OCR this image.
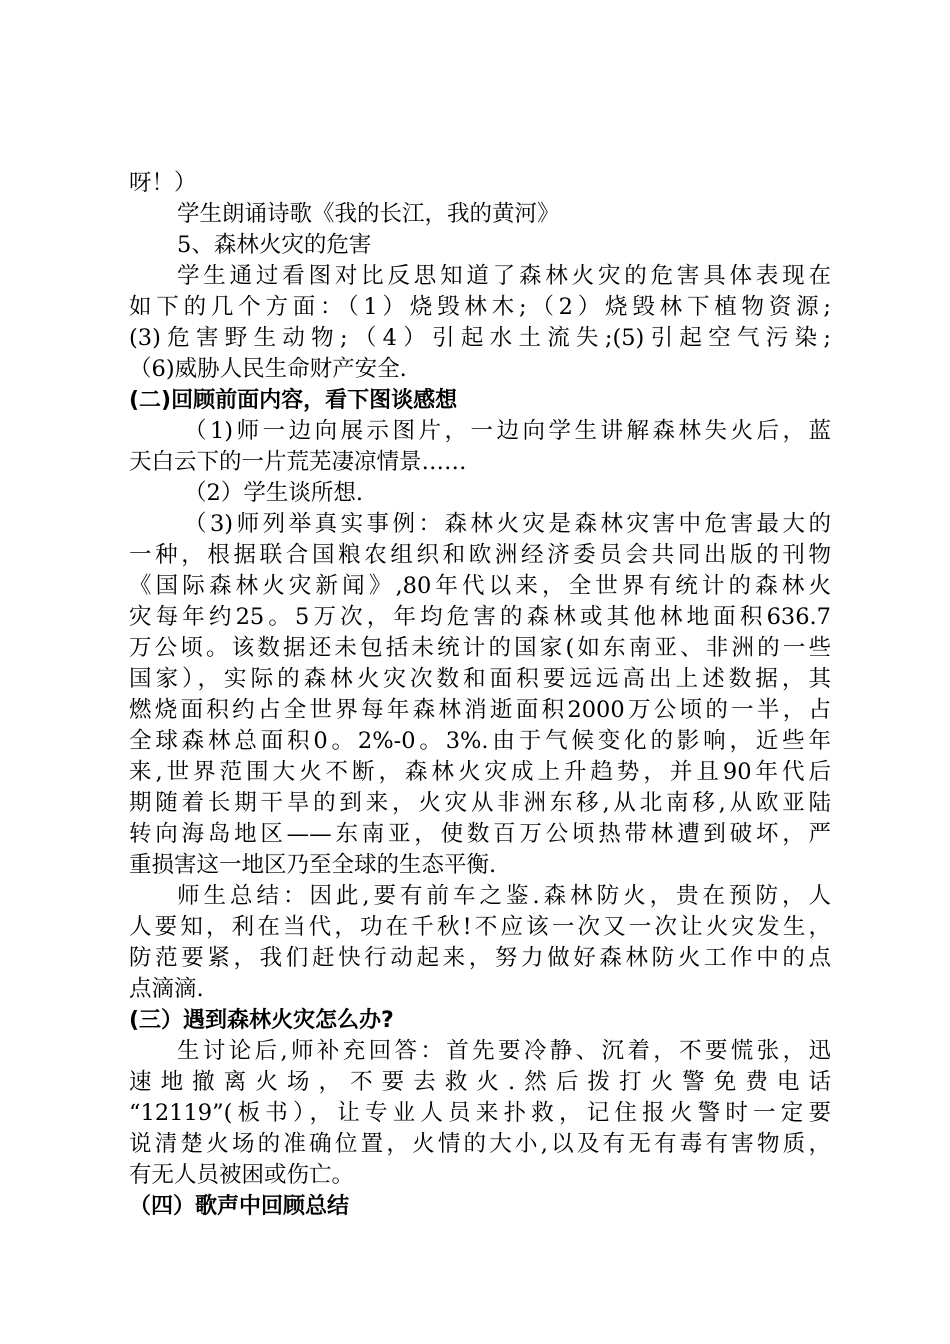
呀！）
学生朗诵诗歌《我的长江，我的黄河》
5、森林火灾的危害
学生通过看图对比反思知道了森林火灾的危害具体表现在
如下的几个方面：（1）烧毁林木;（2）烧毁林下植物资源;
(3)危害野生动物;（4）引起水土流失;(5)引起空气污染;
（6)威胁人民生命财产安全.
(二)回顾前面内容，看下图谈感想
（1)师一边向展示图片，一边向学生讲解森林失火后，蓝
天白云下的一片荒芜凄凉情景……
（2）学生谈所想.
（3)师列举真实事例：森林火灾是森林灾害中危害最大的
一种，根据联合国粮农组织和欧洲经济委员会共同出版的刊物
《国际森林火灾新闻》,80年代以来，全世界有统计的森林火
灾每年约25。5万次，年均危害的森林或其他林地面积636.7
万公顷。该数据还未包括未统计的国家(如东南亚、非洲的一些
国家），实际的森林火灾次数和面积要远远高出上述数据，其
燃烧面积约占全世界每年森林消逝面积2000万公顷的一半，占
全球森林总面积0。2%-0。3%.由于气候变化的影响，近些年
来,世界范围大火不断，森林火灾成上升趋势，并且90年代后
期随着长期干旱的到来，火灾从非洲东移,从北南移,从欧亚陆
转向海岛地区——东南亚，使数百万公顷热带林遭到破坏，严
重损害这一地区乃至全球的生态平衡.
师生总结：因此,要有前车之鉴.森林防火，贵在预防，人
人要知，利在当代，功在千秋!不应该一次又一次让火灾发生，
防范要紧，我们赶快行动起来，努力做好森林防火工作中的点
点滴滴.
(三）遇到森林火灾怎么办?
生讨论后,师补充回答：首先要冷静、沉着，不要慌张，迅
速地撤离火场，不要去救火.然后拨打火警免费电话
“12119”(板书），让专业人员来扑救，记住报火警时一定要
说清楚火场的准确位置，火情的大小,以及有无有毒有害物质，
有无人员被困或伤亡。
（四）歌声中回顾总结
